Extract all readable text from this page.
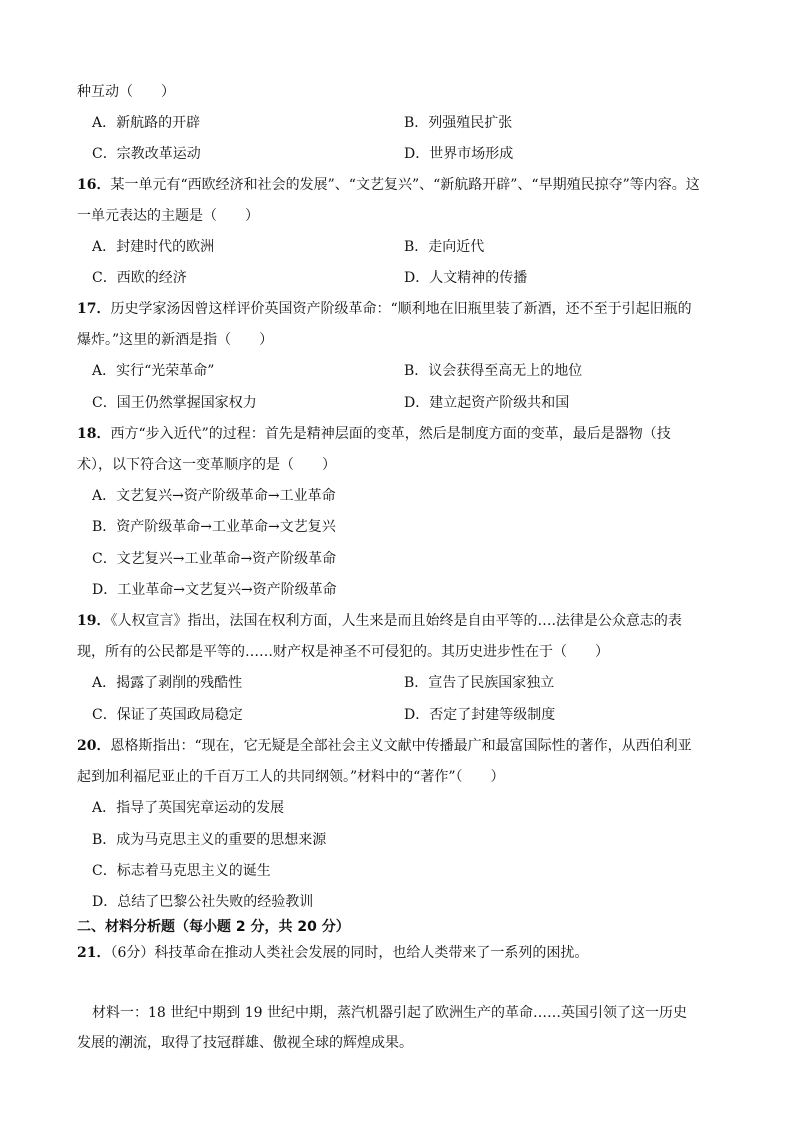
种互动（　　）
A．新航路的开辟	B．列强殖民扩张
C．宗教改革运动	D．世界市场形成
16．某一单元有“西欧经济和社会的发展”、“文艺复兴”、“新航路开辟”、“早期殖民掠夺”等内容。这
一单元表达的主题是（　　）
A．封建时代的欧洲	B．走向近代
C．西欧的经济	D．人文精神的传播
17．历史学家汤因曾这样评价英国资产阶级革命：“顺利地在旧瓶里装了新酒，还不至于引起旧瓶的
爆炸。”这里的新酒是指（　　）
A．实行“光荣革命”	B．议会获得至高无上的地位
C．国王仍然掌握国家权力	D．建立起资产阶级共和国
18．西方“步入近代”的过程：首先是精神层面的变革，然后是制度方面的变革，最后是器物（技
术），以下符合这一变革顺序的是（　　）
A．文艺复兴→资产阶级革命→工业革命
B．资产阶级革命→工业革命→文艺复兴
C．文艺复兴→工业革命→资产阶级革命
D．工业革命→文艺复兴→资产阶级革命
19．《人权宣言》指出，法国在权利方面，人生来是而且始终是自由平等的….法律是公众意志的表
现，所有的公民都是平等的……财产权是神圣不可侵犯的。其历史进步性在于（　　）
A．揭露了剥削的残酷性	B．宣告了民族国家独立
C．保证了英国政局稳定	D．否定了封建等级制度
20．恩格斯指出：“现在，它无疑是全部社会主义文献中传播最广和最富国际性的著作，从西伯利亚
起到加利福尼亚止的千百万工人的共同纲领。”材料中的“著作”（　　）
A．指导了英国宪章运动的发展
B．成为马克思主义的重要的思想来源
C．标志着马克思主义的诞生
D．总结了巴黎公社失败的经验教训
二、材料分析题（每小题 2 分，共 20 分）
21．（6分）科技革命在推动人类社会发展的同时，也给人类带来了一系列的困扰。
材料一：18 世纪中期到 19 世纪中期，蒸汽机器引起了欧洲生产的革命……英国引领了这一历史
发展的潮流，取得了技冠群雄、傲视全球的辉煌成果。
